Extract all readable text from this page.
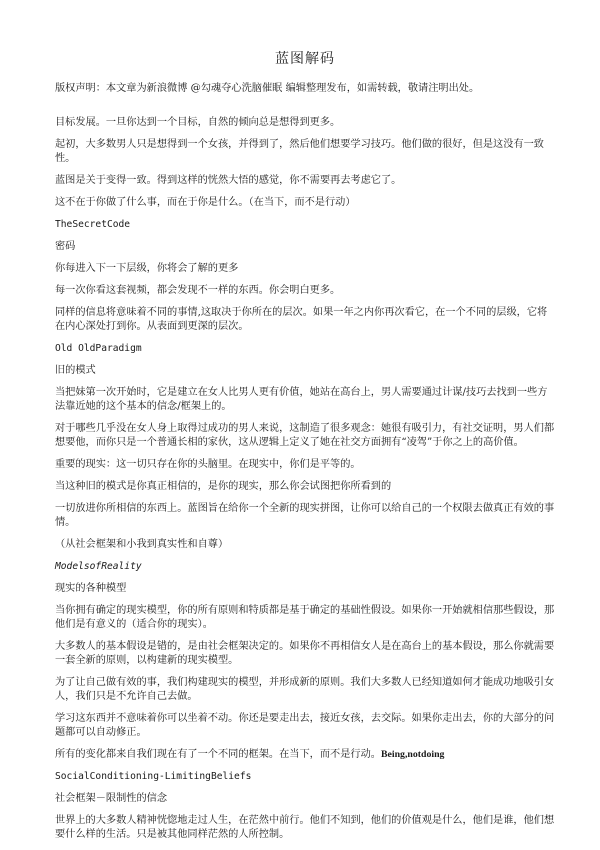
蓝图解码

版权声明：本文章为新浪微博 @勾魂夺心洗脑催眠 编辑整理发布，如需转载，敬请注明出处。

目标发展。一旦你达到一个目标，自然的倾向总是想得到更多。

起初，大多数男人只是想得到一个女孩，并得到了，然后他们想要学习技巧。他们做的很好，但是这没有一致性。

蓝图是关于变得一致。得到这样的恍然大悟的感觉，你不需要再去考虑它了。

这不在于你做了什么事，而在于你是什么。（在当下，而不是行动）

TheSecretCode

密码

你每进入下一下层级，你将会了解的更多

每一次你看这套视频，都会发现不一样的东西。你会明白更多。

同样的信息将意味着不同的事情,这取决于你所在的层次。如果一年之内你再次看它，在一个不同的层级，它将在内心深处打到你。从表面到更深的层次。

Old OldParadigm

旧的模式

当把妹第一次开始时，它是建立在女人比男人更有价值，她站在高台上，男人需要通过计谋/技巧去找到一些方法靠近她的这个基本的信念/框架上的。

对于哪些几乎没在女人身上取得过成功的男人来说，这制造了很多观念：她很有吸引力，有社交证明，男人们都想要他，而你只是一个普通长相的家伙，这从逻辑上定义了她在社交方面拥有“凌驾”于你之上的高价值。

重要的现实：这一切只存在你的头脑里。在现实中，你们是平等的。

当这种旧的模式是你真正相信的，是你的现实，那么你会试图把你所看到的

一切放进你所相信的东西上。蓝图旨在给你一个全新的现实拼图，让你可以给自己的一个权限去做真正有效的事情。

（从社会框架和小我到真实性和自尊）

ModelsofReality

现实的各种模型

当你拥有确定的现实模型，你的所有原则和特质都是基于确定的基础性假设。如果你一开始就相信那些假设，那他们是有意义的（适合你的现实）。

大多数人的基本假设是错的，是由社会框架决定的。如果你不再相信女人是在高台上的基本假设，那么你就需要一套全新的原则，以构建新的现实模型。

为了让自己做有效的事，我们构建现实的模型，并形成新的原则。我们大多数人已经知道如何才能成功地吸引女人，我们只是不允许自己去做。

学习这东西并不意味着你可以坐着不动。你还是要走出去，接近女孩，去交际。如果你走出去，你的大部分的问题都可以自动修正。

所有的变化都来自我们现在有了一个不同的框架。在当下，而不是行动。Being,notdoing

SocialConditioning-LimitingBeliefs

社会框架－限制性的信念

世界上的大多数人精神恍惚地走过人生，在茫然中前行。他们不知到，他们的价值观是什么，他们是谁，他们想要什么样的生活。只是被其他同样茫然的人所控制。
